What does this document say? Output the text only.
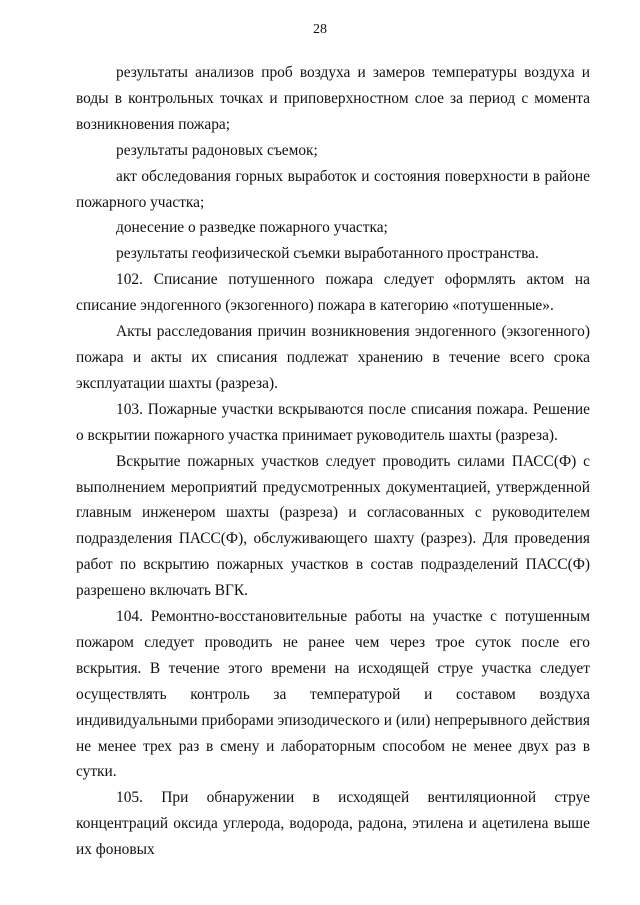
28

результаты анализов проб воздуха и замеров температуры воздуха и воды в контрольных точках и приповерхностном слое за период с момента возникновения пожара;

результаты радоновых съемок;

акт обследования горных выработок и состояния поверхности в районе пожарного участка;

донесение о разведке пожарного участка;

результаты геофизической съемки выработанного пространства.

102. Списание потушенного пожара следует оформлять актом на списание эндогенного (экзогенного) пожара в категорию «потушенные».

Акты расследования причин возникновения эндогенного (экзогенного) пожара и акты их списания подлежат хранению в течение всего срока эксплуатации шахты (разреза).

103. Пожарные участки вскрываются после списания пожара. Решение о вскрытии пожарного участка принимает руководитель шахты (разреза).

Вскрытие пожарных участков следует проводить силами ПАСС(Ф) с выполнением мероприятий предусмотренных документацией, утвержденной главным инженером шахты (разреза) и согласованных с руководителем подразделения ПАСС(Ф), обслуживающего шахту (разрез). Для проведения работ по вскрытию пожарных участков в состав подразделений ПАСС(Ф) разрешено включать ВГК.

104. Ремонтно-восстановительные работы на участке с потушенным пожаром следует проводить не ранее чем через трое суток после его вскрытия. В течение этого времени на исходящей струе участка следует осуществлять контроль за температурой и составом воздуха индивидуальными приборами эпизодического и (или) непрерывного действия не менее трех раз в смену и лабораторным способом не менее двух раз в сутки.

105. При обнаружении в исходящей вентиляционной струе концентраций оксида углерода, водорода, радона, этилена и ацетилена выше их фоновых
